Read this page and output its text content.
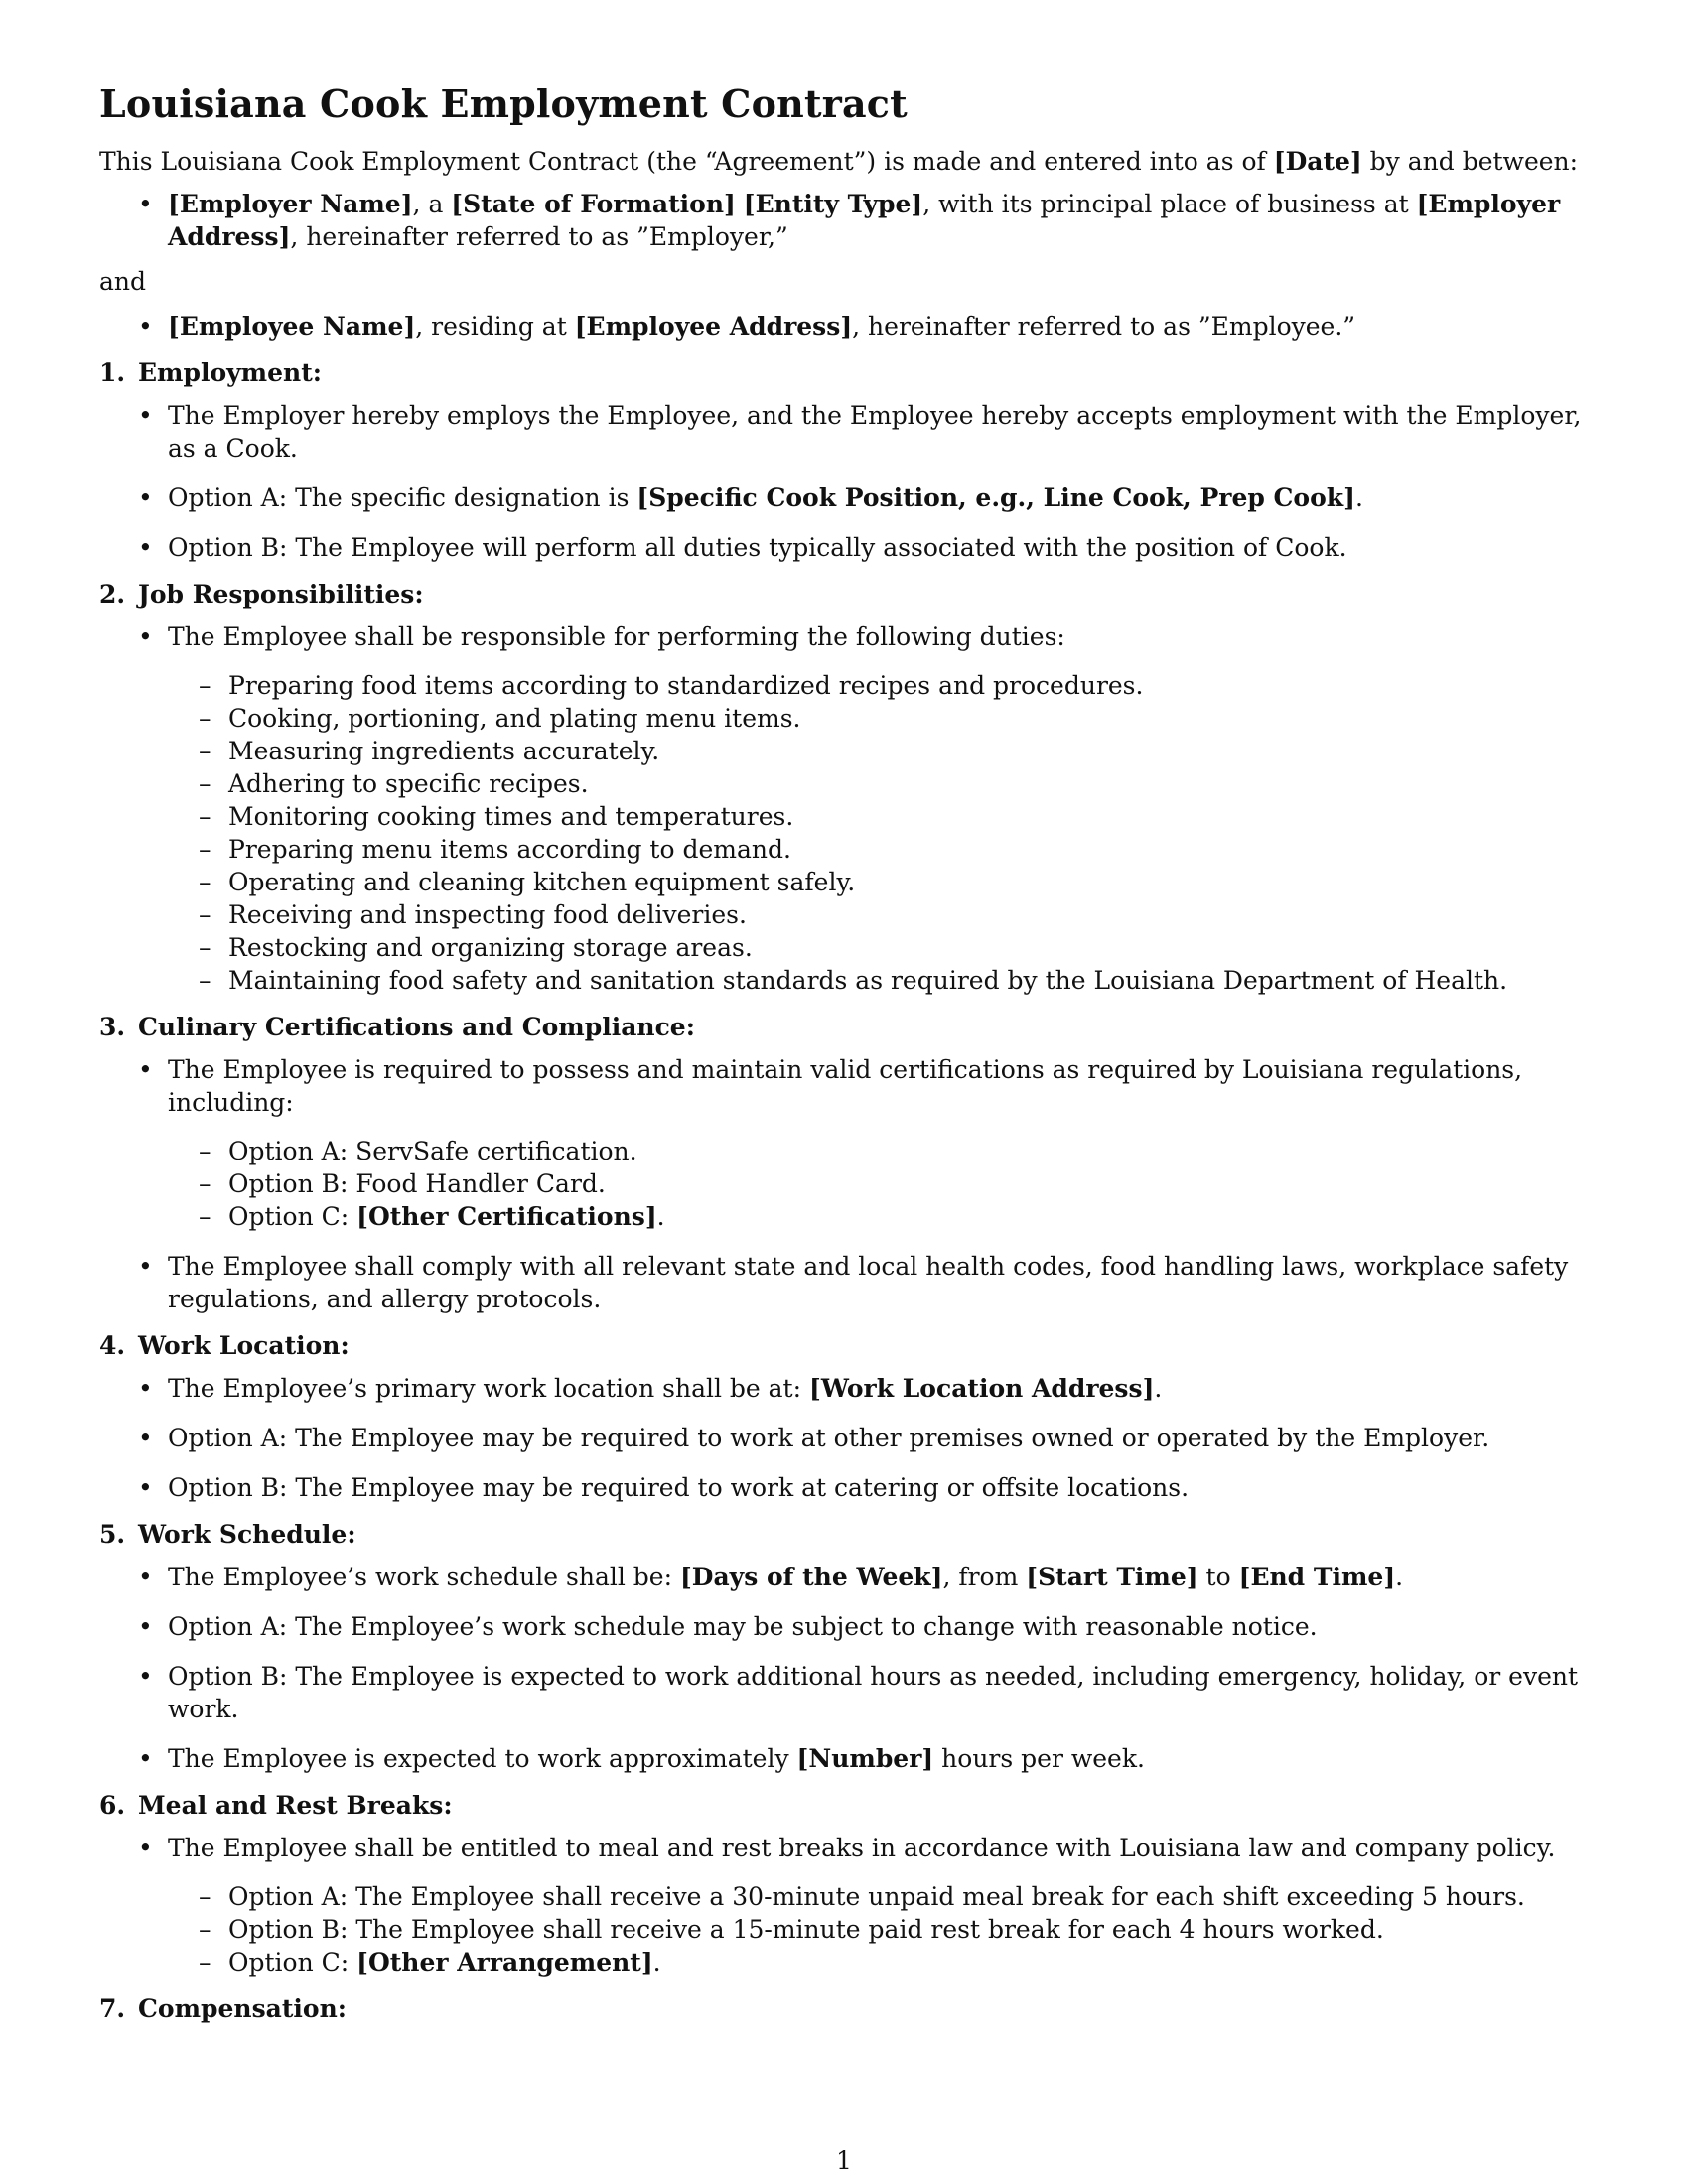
Louisiana Cook Employment Contract

This Louisiana Cook Employment Contract (the “Agreement”) is made and entered into as of [Date] by and between:

• [Employer Name], a [State of Formation] [Entity Type], with its principal place of business at [Employer Address], hereinafter referred to as ”Employer,”

and

• [Employee Name], residing at [Employee Address], hereinafter referred to as ”Employee.”
1. Employment:
• The Employer hereby employs the Employee, and the Employee hereby accepts employment with the Employer, as a Cook.
• Option A: The specific designation is [Specific Cook Position, e.g., Line Cook, Prep Cook].
• Option B: The Employee will perform all duties typically associated with the position of Cook.
2. Job Responsibilities:
• The Employee shall be responsible for performing the following duties:
– Preparing food items according to standardized recipes and procedures.
– Cooking, portioning, and plating menu items.
– Measuring ingredients accurately.
– Adhering to specific recipes.
– Monitoring cooking times and temperatures.
– Preparing menu items according to demand.
– Operating and cleaning kitchen equipment safely.
– Receiving and inspecting food deliveries.
– Restocking and organizing storage areas.
– Maintaining food safety and sanitation standards as required by the Louisiana Department of Health.
3. Culinary Certifications and Compliance:
• The Employee is required to possess and maintain valid certifications as required by Louisiana regulations, including:
– Option A: ServSafe certification.
– Option B: Food Handler Card.
– Option C: [Other Certifications].
• The Employee shall comply with all relevant state and local health codes, food handling laws, workplace safety regulations, and allergy protocols.
4. Work Location:
• The Employee’s primary work location shall be at: [Work Location Address].
• Option A: The Employee may be required to work at other premises owned or operated by the Employer.
• Option B: The Employee may be required to work at catering or offsite locations.
5. Work Schedule:
• The Employee’s work schedule shall be: [Days of the Week], from [Start Time] to [End Time].
• Option A: The Employee’s work schedule may be subject to change with reasonable notice.
• Option B: The Employee is expected to work additional hours as needed, including emergency, holiday, or event work.
• The Employee is expected to work approximately [Number] hours per week.
6. Meal and Rest Breaks:
• The Employee shall be entitled to meal and rest breaks in accordance with Louisiana law and company policy.
– Option A: The Employee shall receive a 30-minute unpaid meal break for each shift exceeding 5 hours.
– Option B: The Employee shall receive a 15-minute paid rest break for each 4 hours worked.
– Option C: [Other Arrangement].
7. Compensation:
1
